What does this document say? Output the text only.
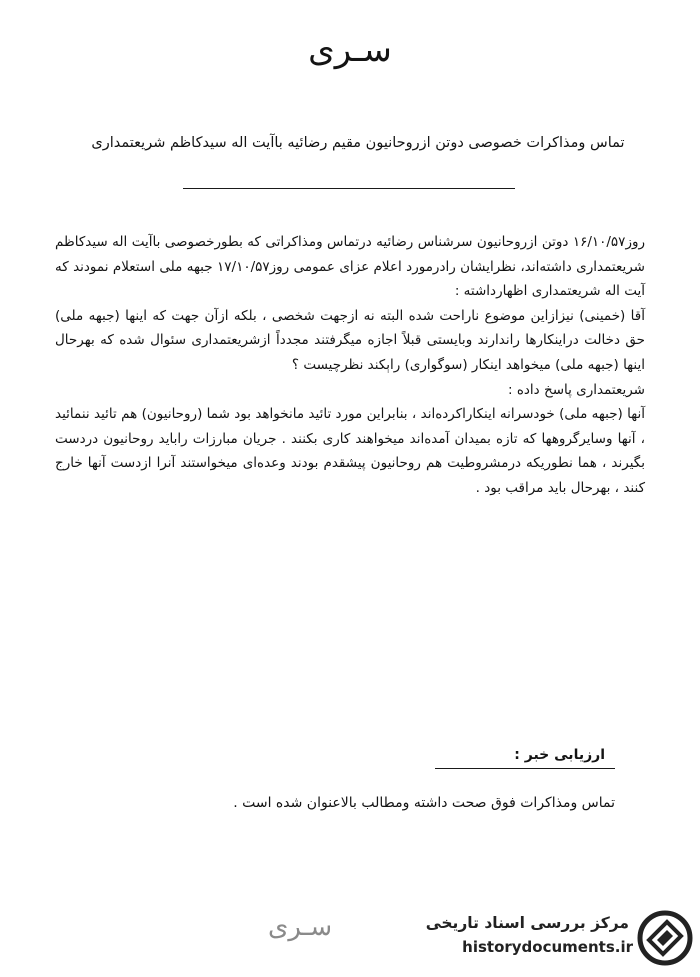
سـرى
تماس ومذاكرات خصوصى دوتن ازروحانيون مقيم رضائيه باآيت اله سيدكاظم شريعتمدارى

روز۱۶/۱۰/۵۷ دوتن ازروحانيون سرشناس رضائيه درتماس ومذاكراتى كه بطورخصوصى باآيت اله سيدكاظم شريعتمدارى داشته‌اند، نظرايشان رادرمورد اعلام عزاى عمومى روز۱۷/۱۰/۵۷ جبهه ملى استعلام نمودند كه آيت اله شريعتمدارى اظهارداشته :

آقا (خمينى) نيزازاين موضوع ناراحت شده البته نه ازجهت شخصى ، بلكه ازآن جهت كه اينها (جبهه ملى) حق دخالت دراينكارها راندارند وبايستى قبلاً اجازه ميگرفتند مجدداً ازشريعتمدارى سئوال شده كه بهرحال اينها (جبهه ملى) ميخواهد اينكار (سوگوارى) راېكند نظرچيست ؟

شريعتمدارى پاسخ داده :

آنها (جبهه ملى) خودسرانه اينكاراكرده‌اند ، بنابراين مورد تائيد مانخواهد بود شما (روحانيون) هم تائيد ننمائيد ، آنها وسايرگروهها كه تازه بميدان آمده‌اند ميخواهند كارى بكنند . جريان مبارزات رابايد روحانيون دردست بگيرند ، هما نطوريكه درمشروطيت هم روحانيون پيشقدم بودند وعده‌اى ميخواستند آنرا ازدست آنها خارج كنند ، بهرحال بايد مراقب بود .

ارزيابى خبر :
تماس ومذاكرات فوق صحت داشته ومطالب بالاعنوان شده است .
سـرى	مركز بررسى اسناد تاريخى
historydocuments.ir
